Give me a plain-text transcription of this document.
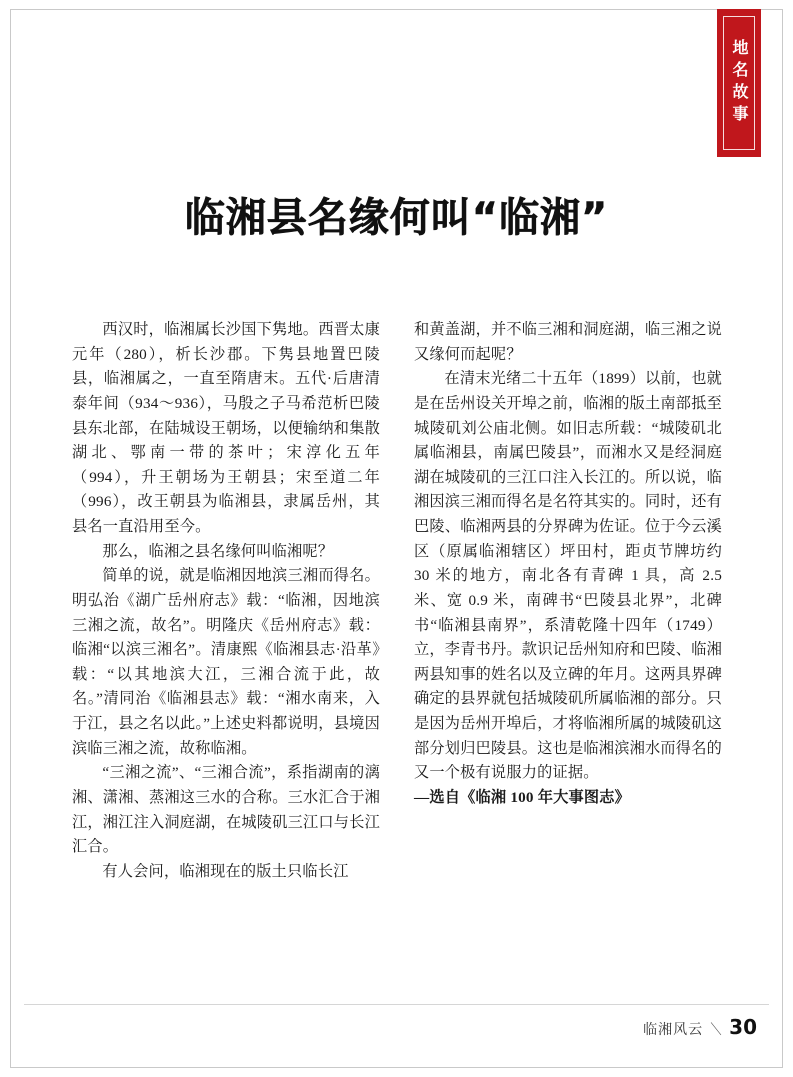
地名故事
临湘县名缘何叫“临湘”

西汉时，临湘属长沙国下隽地。西晋太康元年（280），析长沙郡。下隽县地置巴陵县，临湘属之，一直至隋唐末。五代·后唐清泰年间（934～936），马殷之子马希范析巴陵县东北部，在陆城设王朝场，以便输纳和集散湖北、鄂南一带的茶叶；宋淳化五年（994），升王朝场为王朝县；宋至道二年（996），改王朝县为临湘县，隶属岳州，其县名一直沿用至今。

那么，临湘之县名缘何叫临湘呢？

简单的说，就是临湘因地滨三湘而得名。明弘治《湖广岳州府志》载：“临湘，因地滨三湘之流，故名”。明隆庆《岳州府志》载：临湘“以滨三湘名”。清康熙《临湘县志·沿革》载：“以其地滨大江，三湘合流于此，故名。”清同治《临湘县志》载：“湘水南来，入于江，县之名以此。”上述史料都说明，县境因滨临三湘之流，故称临湘。

“三湘之流”、“三湘合流”，系指湖南的漓湘、潇湘、蒸湘这三水的合称。三水汇合于湘江，湘江注入洞庭湖，在城陵矶三江口与长江汇合。

有人会问，临湘现在的版土只临长江

和黄盖湖，并不临三湘和洞庭湖，临三湘之说又缘何而起呢？

在清末光绪二十五年（1899）以前，也就是在岳州设关开埠之前，临湘的版土南部抵至城陵矶刘公庙北侧。如旧志所载：“城陵矶北属临湘县，南属巴陵县”，而湘水又是经洞庭湖在城陵矶的三江口注入长江的。所以说，临湘因滨三湘而得名是名符其实的。同时，还有巴陵、临湘两县的分界碑为佐证。位于今云溪区（原属临湘辖区）坪田村，距贞节牌坊约 30 米的地方，南北各有青碑 1 具，高 2.5 米、宽 0.9 米，南碑书“巴陵县北界”，北碑书“临湘县南界”，系清乾隆十四年（1749）立，李青书丹。款识记岳州知府和巴陵、临湘两县知事的姓名以及立碑的年月。这两具界碑确定的县界就包括城陵矶所属临湘的部分。只是因为岳州开埠后，才将临湘所属的城陵矶这部分划归巴陵县。这也是临湘滨湘水而得名的又一个极有说服力的证据。

—选自《临湘 100 年大事图志》

临湘风云 ＼ 30
